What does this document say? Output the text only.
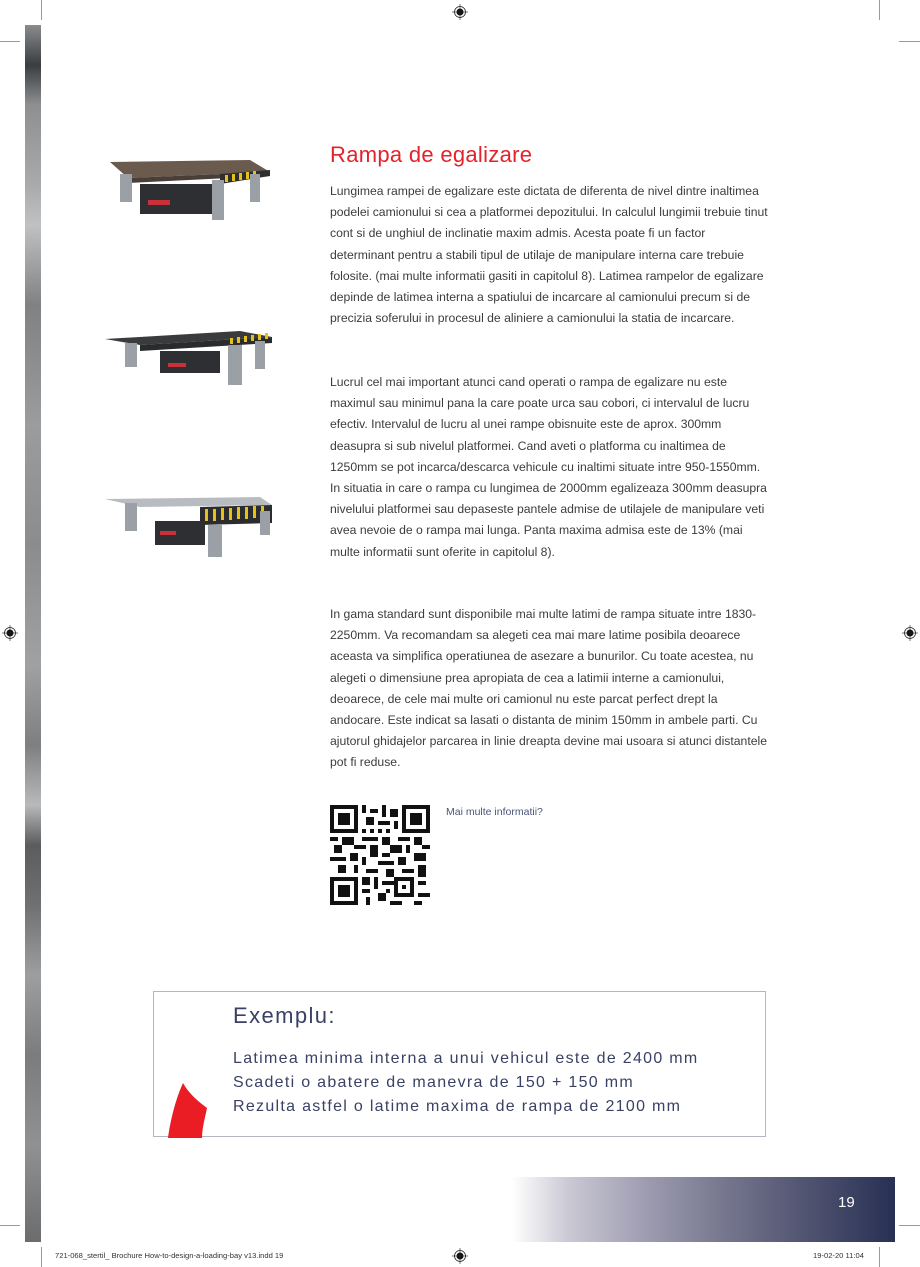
Rampa de egalizare

Lungimea rampei de egalizare este dictata de diferenta de nivel dintre inaltimea podelei camionului si cea a platformei depozitului. In calculul lungimii trebuie tinut cont si de unghiul de inclinatie maxim admis. Acesta poate fi un factor determinant pentru a stabili tipul de utilaje de manipulare interna care trebuie folosite. (mai multe informatii gasiti in capitolul 8). Latimea rampelor de egalizare depinde de latimea interna a spatiului de incarcare al camionului precum si de precizia soferului in procesul de aliniere a camionului la statia de incarcare.

Lucrul cel mai important atunci cand operati o rampa de egalizare nu este maximul sau minimul pana la care poate urca sau cobori, ci intervalul de lucru efectiv. Intervalul de lucru al unei rampe obisnuite este de aprox. 300mm deasupra si sub nivelul platformei. Cand aveti o platforma cu inaltimea de 1250mm se pot incarca/descarca vehicule cu inaltimi situate intre 950-1550mm. In situatia in care o rampa cu lungimea de 2000mm egalizeaza 300mm deasupra nivelului platformei sau depaseste pantele admise de utilajele de manipulare veti avea nevoie de o rampa mai lunga. Panta maxima admisa este de 13% (mai multe informatii sunt oferite in capitolul 8).

In gama standard sunt disponibile mai multe latimi de rampa situate intre 1830-2250mm. Va recomandam sa alegeti cea mai mare latime posibila deoarece aceasta va simplifica operatiunea de asezare a bunurilor. Cu toate acestea, nu alegeti o dimensiune prea apropiata de cea a latimii interne a camionului, deoarece, de cele mai multe ori camionul nu este parcat perfect drept la andocare. Este indicat sa lasati o distanta de minim 150mm in ambele parti. Cu ajutorul ghidajelor parcarea in linie dreapta devine mai usoara si atunci distantele pot fi reduse.

Mai multe informatii?
Exemplu:
Latimea minima interna a unui vehicul este de 2400 mm
Scadeti o abatere de manevra de 150 + 150 mm
Rezulta astfel o latime maxima de rampa de 2100 mm
19
721-068_stertil_ Brochure How-to-design-a-loading-bay v13.indd 19	19-02-20 11:04
